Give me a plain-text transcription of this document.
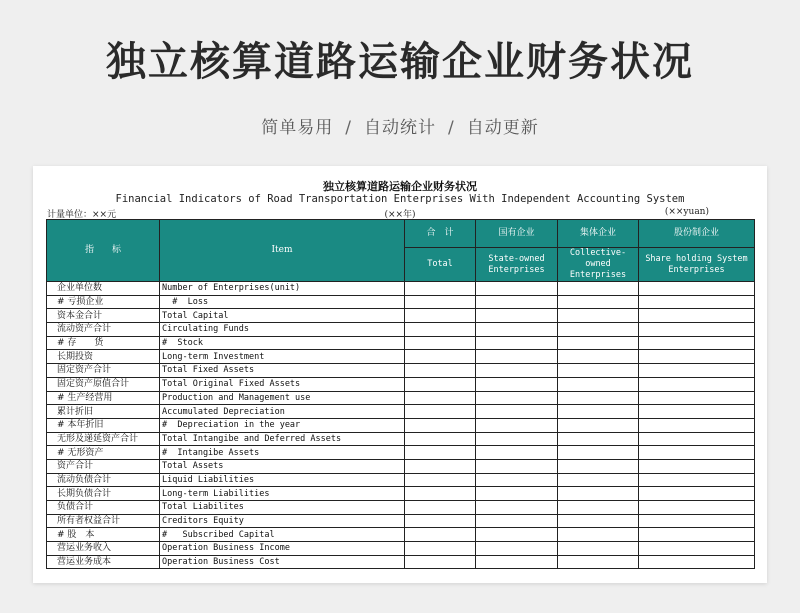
独立核算道路运输企业财务状况
简单易用 / 自动统计 / 自动更新
独立核算道路运输企业财务状况
Financial Indicators of Road Transportation Enterprises With Independent Accounting System
计量单位：××元	(××年)	(××yuan)
指　　标	Item	合　计	国有企业	集体企业	股份制企业
		Total	State-owned Enterprises	Collective-owned Enterprises	Share holding System Enterprises
企业单位数	Number of Enterprises(unit)				
# 亏损企业	#  Loss				
资本金合计	Total Capital				
流动资产合计	Circulating Funds				
# 存　　货	#  Stock				
长期投资	Long-term Investment				
固定资产合计	Total Fixed Assets				
固定资产原值合计	Total Original Fixed Assets				
# 生产经营用	Production and Management use				
累计折旧	Accumulated Depreciation				
# 本年折旧	#  Depreciation in the year				
无形及递延资产合计	Total Intangibe and Deferred Assets				
# 无形资产	#  Intangibe Assets				
资产合计	Total Assets				
流动负债合计	Liquid Liabilities				
长期负债合计	Long-term Liabilities				
负债合计	Total Liabilites				
所有者权益合计	Creditors Equity				
# 股　本	#   Subscribed Capital				
营运业务收入	Operation Business Income				
营运业务成本	Operation Business Cost				
